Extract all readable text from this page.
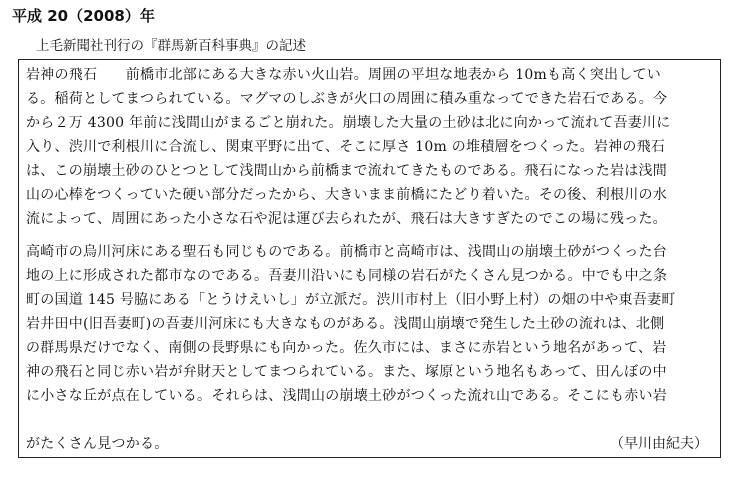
平成 20（2008）年
上毛新聞社刊行の『群馬新百科事典』の記述
岩神の飛石　　前橋市北部にある大きな赤い火山岩。周囲の平坦な地表から 10mも高く突出してい
る。稲荷としてまつられている。マグマのしぶきが火口の周囲に積み重なってできた岩石である。今
から２万 4300 年前に浅間山がまるごと崩れた。崩壊した大量の土砂は北に向かって流れて吾妻川に
入り、渋川で利根川に合流し、関東平野に出て、そこに厚さ 10m の堆積層をつくった。岩神の飛石
は、この崩壊土砂のひとつとして浅間山から前橋まで流れてきたものである。飛石になった岩は浅間
山の心棒をつくっていた硬い部分だったから、大きいまま前橋にたどり着いた。その後、利根川の水
流によって、周囲にあった小さな石や泥は運び去られたが、飛石は大きすぎたのでこの場に残った。
高崎市の烏川河床にある聖石も同じものである。前橋市と高崎市は、浅間山の崩壊土砂がつくった台
地の上に形成された都市なのである。吾妻川沿いにも同様の岩石がたくさん見つかる。中でも中之条
町の国道 145 号脇にある「とうけえいし」が立派だ。渋川市村上（旧小野上村）の畑の中や東吾妻町
岩井田中(旧吾妻町)の吾妻川河床にも大きなものがある。浅間山崩壊で発生した土砂の流れは、北側
の群馬県だけでなく、南側の長野県にも向かった。佐久市には、まさに赤岩という地名があって、岩
神の飛石と同じ赤い岩が弁財天としてまつられている。また、塚原という地名もあって、田んぼの中
に小さな丘が点在している。それらは、浅間山の崩壊土砂がつくった流れ山である。そこにも赤い岩
がたくさん見つかる。	（早川由紀夫）
